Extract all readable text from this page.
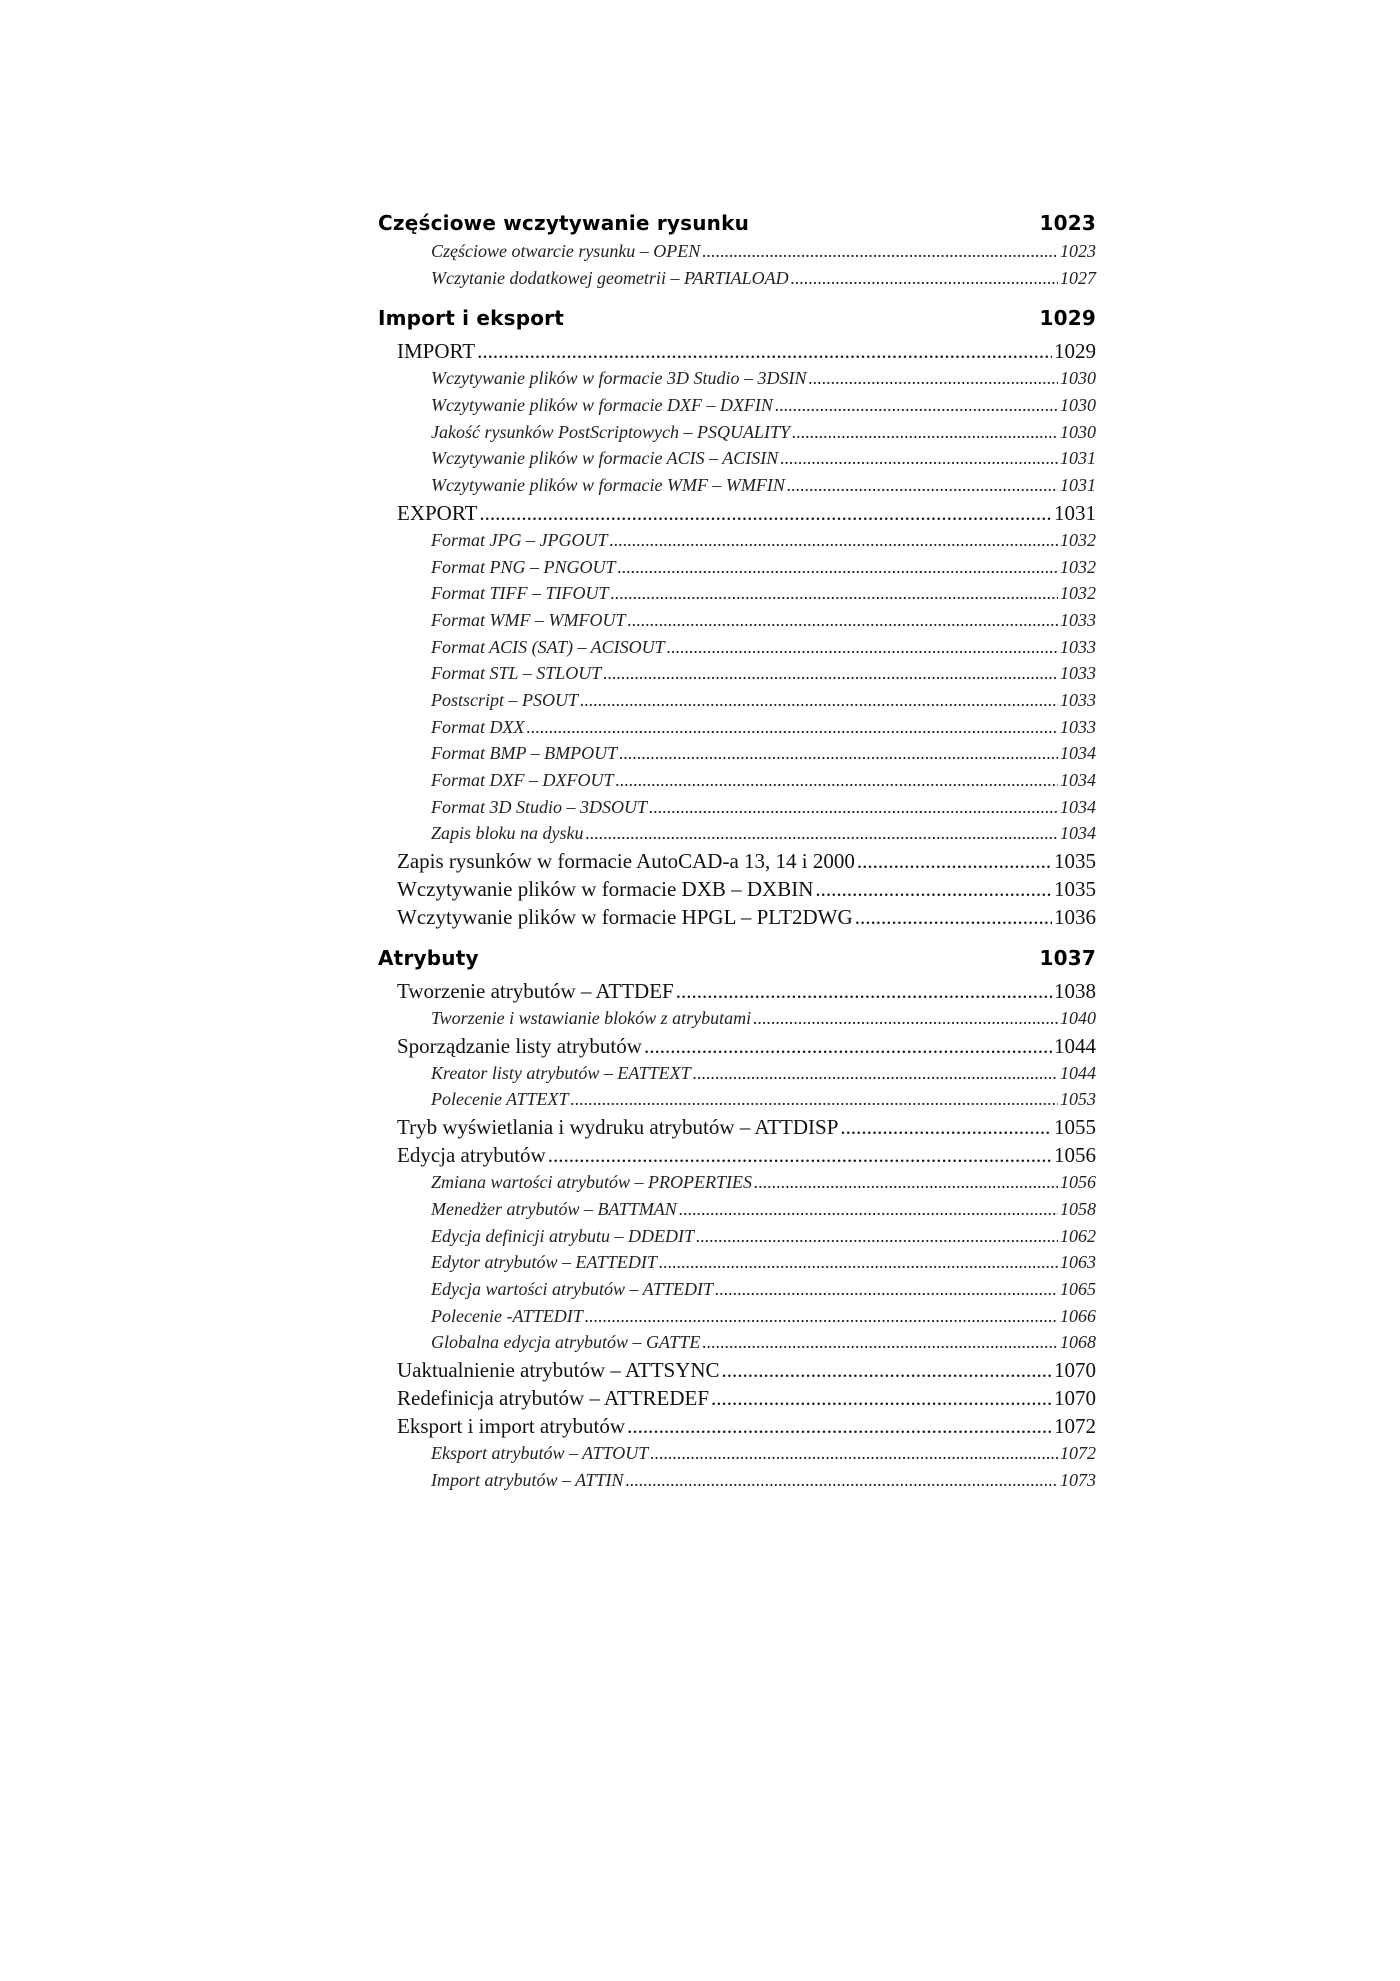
Częściowe wczytywanie rysunku	1023
Częściowe otwarcie rysunku – OPEN .....	1023
Wczytanie dodatkowej geometrii – PARTIALOAD .....	1027
Import i eksport	1029
IMPORT .....	1029
Wczytywanie plików w formacie 3D Studio – 3DSIN .....	1030
Wczytywanie plików w formacie DXF – DXFIN .....	1030
Jakość rysunków PostScriptowych – PSQUALITY .....	1030
Wczytywanie plików w formacie ACIS – ACISIN .....	1031
Wczytywanie plików w formacie WMF – WMFIN .....	1031
EXPORT .....	1031
Format JPG – JPGOUT .....	1032
Format PNG – PNGOUT .....	1032
Format TIFF – TIFOUT .....	1032
Format WMF – WMFOUT .....	1033
Format ACIS (SAT) – ACISOUT .....	1033
Format STL – STLOUT .....	1033
Postscript – PSOUT .....	1033
Format DXX .....	1033
Format BMP – BMPOUT .....	1034
Format DXF – DXFOUT .....	1034
Format 3D Studio – 3DSOUT .....	1034
Zapis bloku na dysku .....	1034
Zapis rysunków w formacie AutoCAD-a 13, 14 i 2000 .....	1035
Wczytywanie plików w formacie DXB – DXBIN .....	1035
Wczytywanie plików w formacie HPGL – PLT2DWG .....	1036
Atrybuty	1037
Tworzenie atrybutów – ATTDEF .....	1038
Tworzenie i wstawianie bloków z atrybutami .....	1040
Sporządzanie listy atrybutów .....	1044
Kreator listy atrybutów – EATTEXT .....	1044
Polecenie ATTEXT .....	1053
Tryb wyświetlania i wydruku atrybutów – ATTDISP .....	1055
Edycja atrybutów .....	1056
Zmiana wartości atrybutów – PROPERTIES .....	1056
Menedżer atrybutów – BATTMAN .....	1058
Edycja definicji atrybutu – DDEDIT .....	1062
Edytor atrybutów – EATTEDIT .....	1063
Edycja wartości atrybutów – ATTEDIT .....	1065
Polecenie -ATTEDIT .....	1066
Globalna edycja atrybutów – GATTE .....	1068
Uaktualnienie atrybutów – ATTSYNC .....	1070
Redefinicja atrybutów – ATTREDEF .....	1070
Eksport i import atrybutów .....	1072
Eksport atrybutów – ATTOUT .....	1072
Import atrybutów – ATTIN .....	1073
